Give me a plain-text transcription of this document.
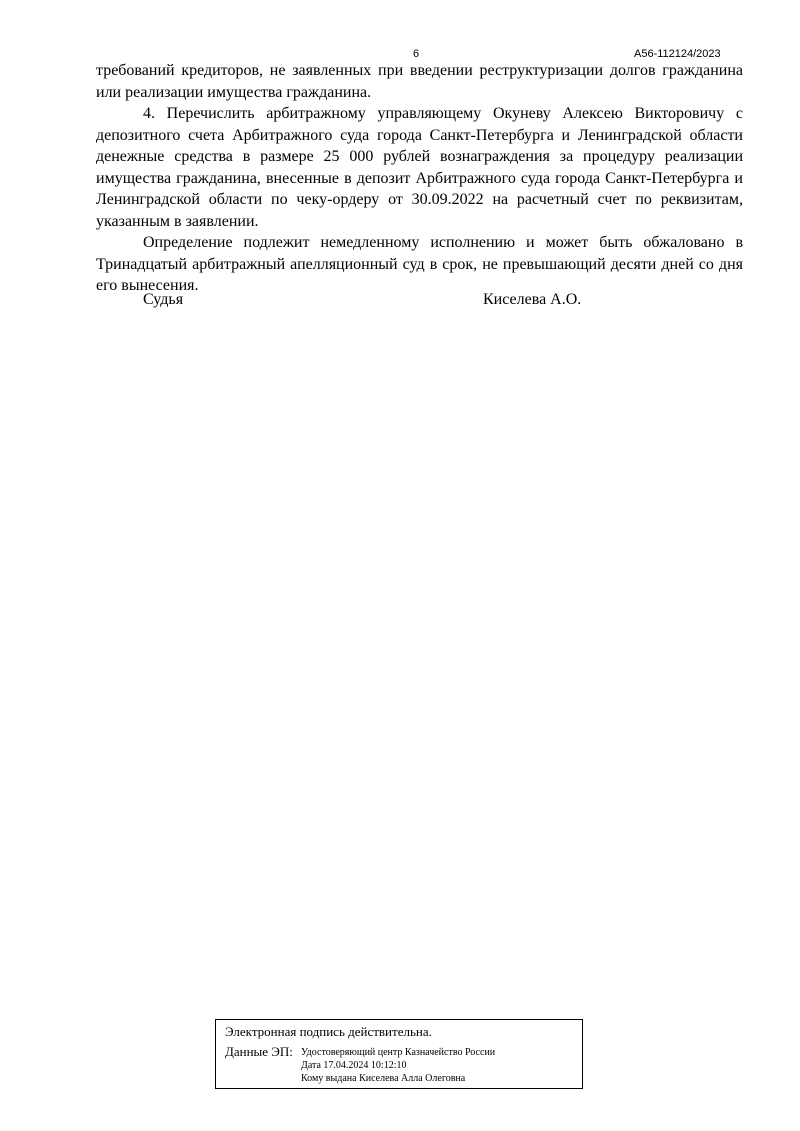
6	А56-112124/2023

требований кредиторов, не заявленных при введении реструктуризации долгов гражданина или реализации имущества гражданина.

4. Перечислить арбитражному управляющему Окуневу Алексею Викторовичу с депозитного счета Арбитражного суда города Санкт-Петербурга и Ленинградской области денежные средства в размере 25 000 рублей вознаграждения за процедуру реализации имущества гражданина, внесенные в депозит Арбитражного суда города Санкт-Петербурга и Ленинградской области по чеку-ордеру от 30.09.2022 на расчетный счет по реквизитам, указанным в заявлении.

Определение подлежит немедленному исполнению и может быть обжаловано в Тринадцатый арбитражный апелляционный суд в срок, не превышающий десяти дней со дня его вынесения.

Судья	Киселева А.О.
Электронная подпись действительна.
Данные ЭП: Удостоверяющий центр Казначейство России
Дата 17.04.2024 10:12:10
Кому выдана Киселева Алла Олеговна
